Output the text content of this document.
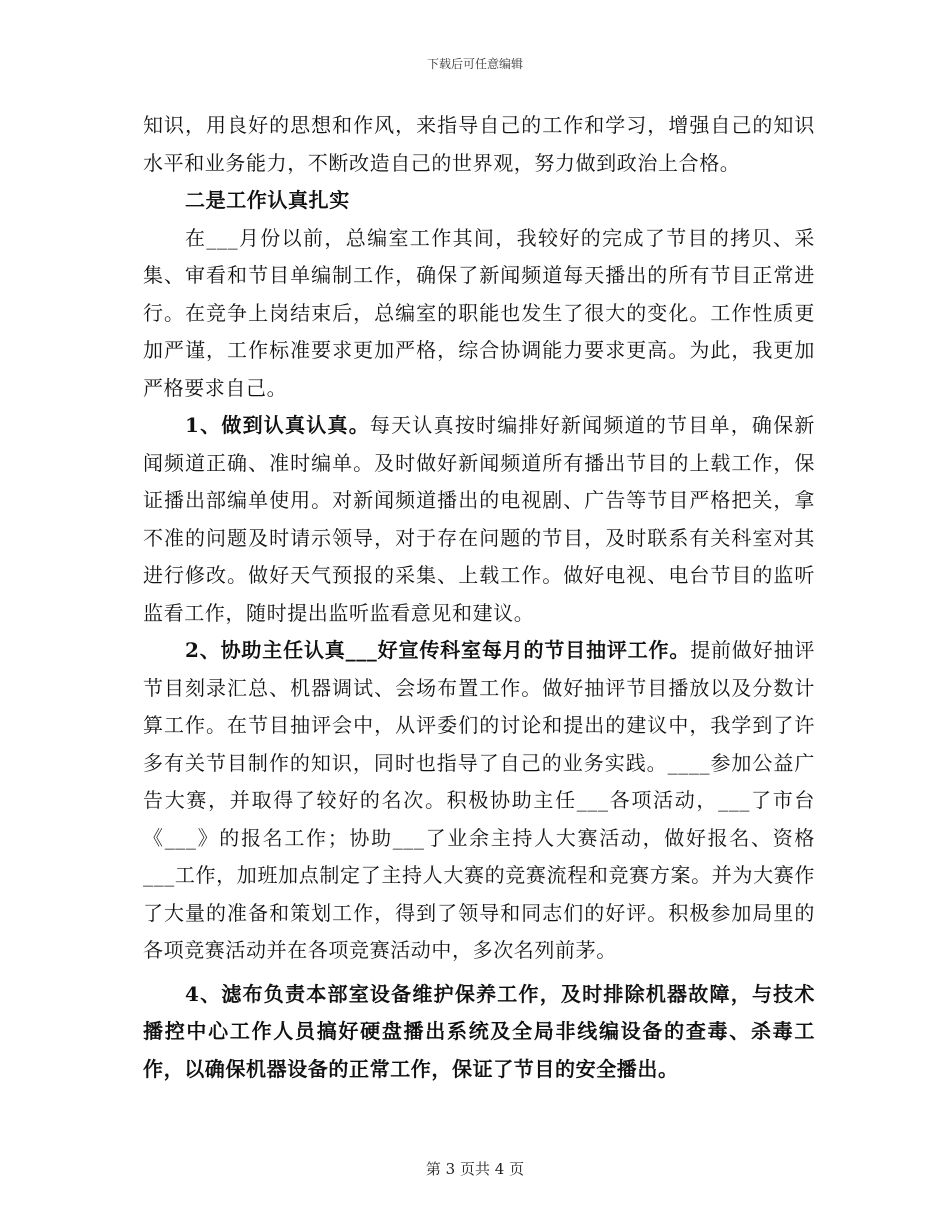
下载后可任意编辑

知识，用良好的思想和作风，来指导自己的工作和学习，增强自己的知识水平和业务能力，不断改造自己的世界观，努力做到政治上合格。

二是工作认真扎实

在___月份以前，总编室工作其间，我较好的完成了节目的拷贝、采集、审看和节目单编制工作，确保了新闻频道每天播出的所有节目正常进行。在竞争上岗结束后，总编室的职能也发生了很大的变化。工作性质更加严谨，工作标准要求更加严格，综合协调能力要求更高。为此，我更加严格要求自己。

1、做到认真认真。每天认真按时编排好新闻频道的节目单，确保新闻频道正确、准时编单。及时做好新闻频道所有播出节目的上载工作，保证播出部编单使用。对新闻频道播出的电视剧、广告等节目严格把关，拿不准的问题及时请示领导，对于存在问题的节目，及时联系有关科室对其进行修改。做好天气预报的采集、上载工作。做好电视、电台节目的监听监看工作，随时提出监听监看意见和建议。

2、协助主任认真___好宣传科室每月的节目抽评工作。提前做好抽评节目刻录汇总、机器调试、会场布置工作。做好抽评节目播放以及分数计算工作。在节目抽评会中，从评委们的讨论和提出的建议中，我学到了许多有关节目制作的知识，同时也指导了自己的业务实践。____参加公益广告大赛，并取得了较好的名次。积极协助主任___各项活动，___了市台《___》的报名工作；协助___了业余主持人大赛活动，做好报名、资格___工作，加班加点制定了主持人大赛的竞赛流程和竞赛方案。并为大赛作了大量的准备和策划工作，得到了领导和同志们的好评。积极参加局里的各项竞赛活动并在各项竞赛活动中，多次名列前茅。

4、滤布负责本部室设备维护保养工作，及时排除机器故障，与技术播控中心工作人员搞好硬盘播出系统及全局非线编设备的查毒、杀毒工作，以确保机器设备的正常工作，保证了节目的安全播出。

第 3 页共 4 页
